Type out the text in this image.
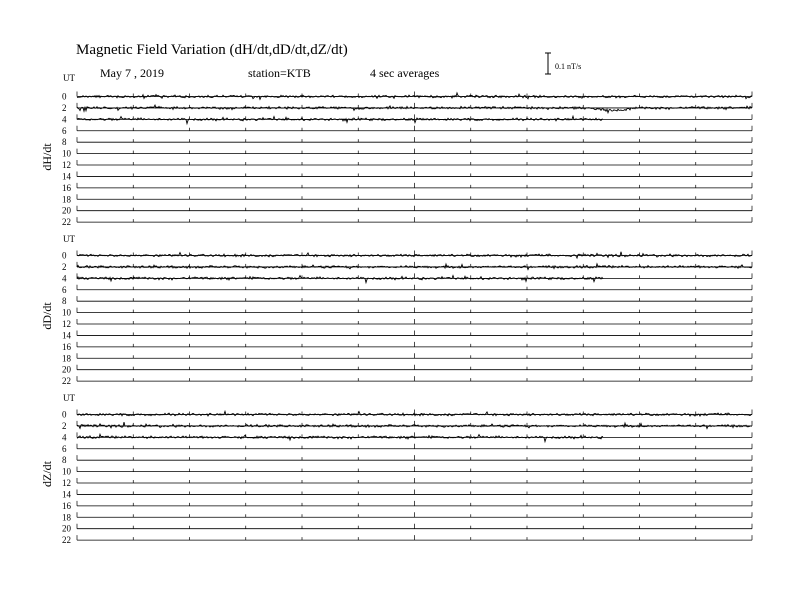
Magnetic Field Variation (dH/dt,dD/dt,dZ/dt)
May 7 , 2019	station=KTB	4 sec averages	0.1 nT/s
UT
dH/dt
0
2
4
6
8
10
12
14
16
18
20
22
UT
dD/dt
0
2
4
6
8
10
12
14
16
18
20
22
UT
dZ/dt
0
2
4
6
8
10
12
14
16
18
20
22
